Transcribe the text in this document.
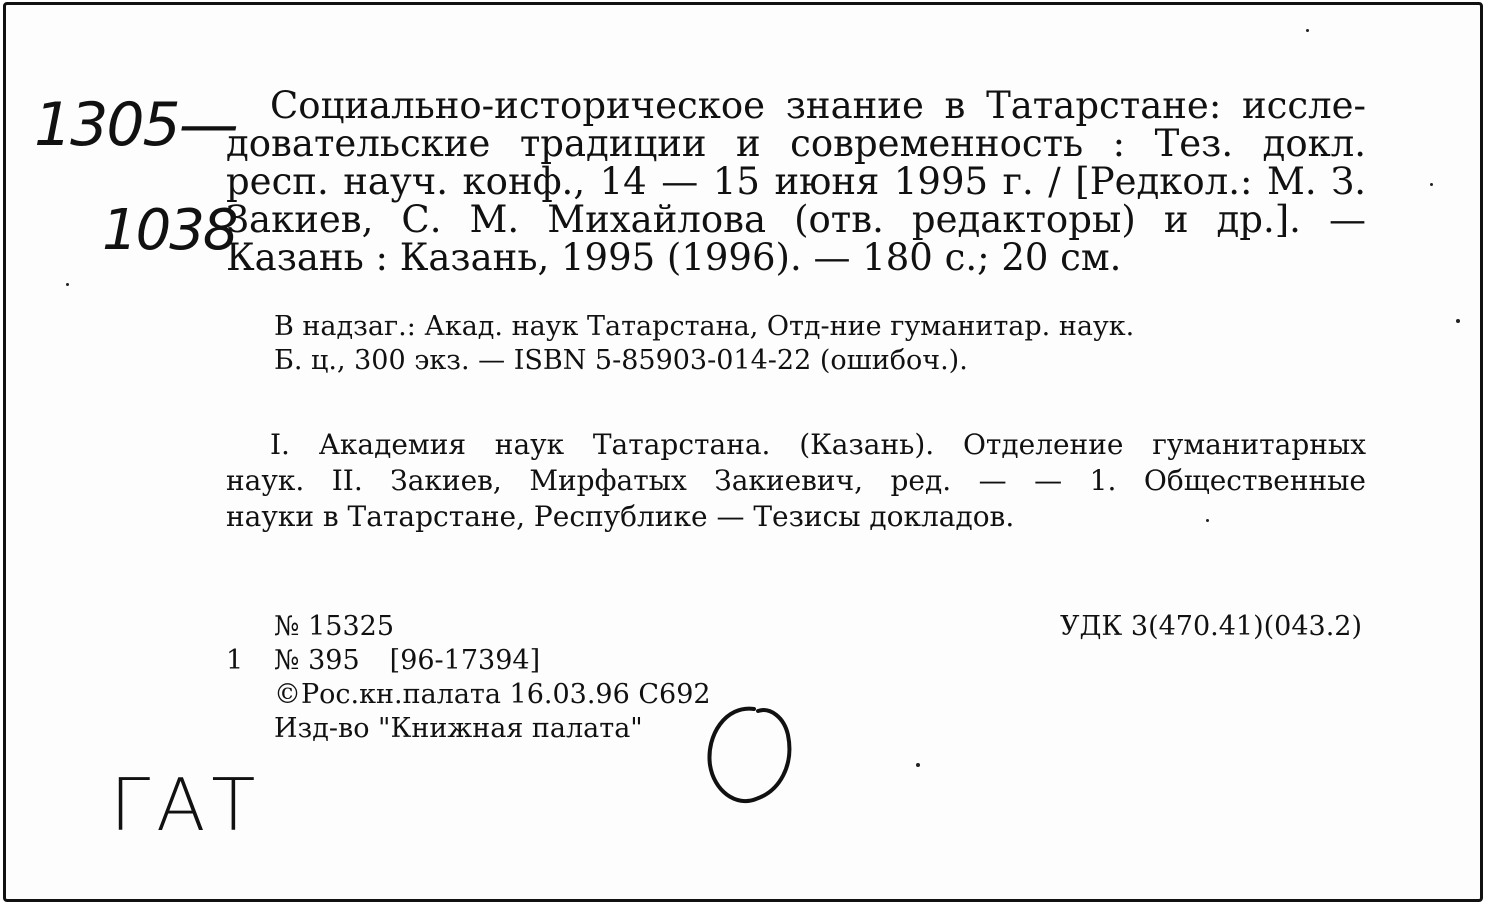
1305—
1038
Социально-историческое знание в Татарстане: иссле-
довательские традиции и современность : Тез. докл.
респ. науч. конф., 14 — 15 июня 1995 г. / [Редкол.: М. З.
Закиев, С. М. Михайлова (отв. редакторы) и др.]. —
Казань : Казань, 1995 (1996). — 180 с.; 20 см.
В надзаг.: Акад. наук Татарстана, Отд-ние гуманитар. наук.
Б. ц., 300 экз. — ISBN 5-85903-014-22 (ошибоч.).
I. Академия наук Татарстана. (Казань). Отделение гуманитарных
наук. II. Закиев, Мирфатых Закиевич, ред. — — 1. Общественные
науки в Татарстане, Республике — Тезисы докладов.
№ 15325
1	№ 395	[96-17394]
©Рос.кн.палата 16.03.96 С692
Изд-во "Книжная палата"
УДК 3(470.41)(043.2)
ГАТ
